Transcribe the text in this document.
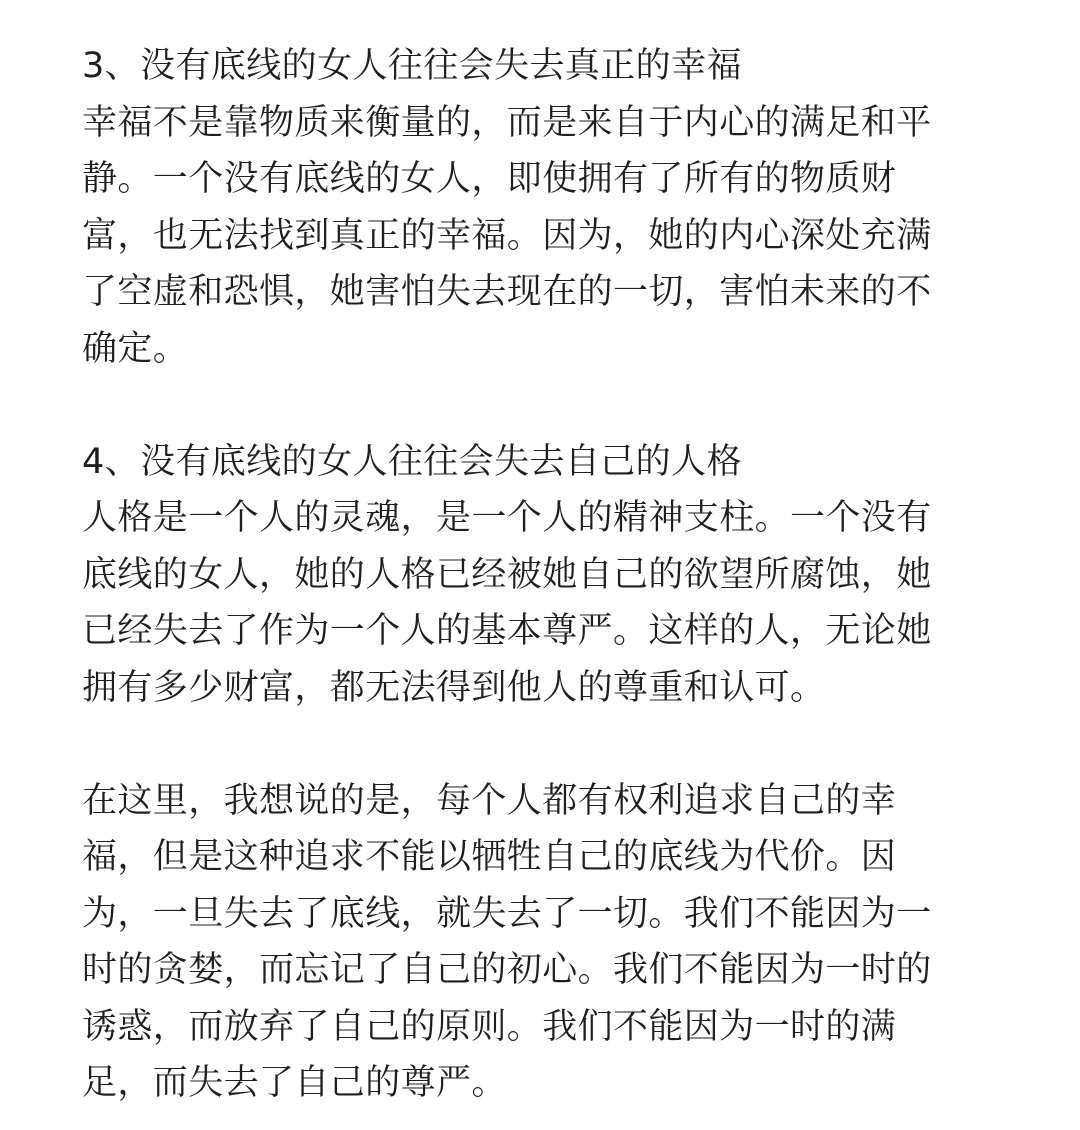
3、没有底线的女人往往会失去真正的幸福
幸福不是靠物质来衡量的，而是来自于内心的满足和平
静。一个没有底线的女人，即使拥有了所有的物质财
富，也无法找到真正的幸福。因为，她的内心深处充满
了空虚和恐惧，她害怕失去现在的一切，害怕未来的不
确定。
4、没有底线的女人往往会失去自己的人格
人格是一个人的灵魂，是一个人的精神支柱。一个没有
底线的女人，她的人格已经被她自己的欲望所腐蚀，她
已经失去了作为一个人的基本尊严。这样的人，无论她
拥有多少财富，都无法得到他人的尊重和认可。
在这里，我想说的是，每个人都有权利追求自己的幸
福，但是这种追求不能以牺牲自己的底线为代价。因
为，一旦失去了底线，就失去了一切。我们不能因为一
时的贪婪，而忘记了自己的初心。我们不能因为一时的
诱惑，而放弃了自己的原则。我们不能因为一时的满
足，而失去了自己的尊严。
